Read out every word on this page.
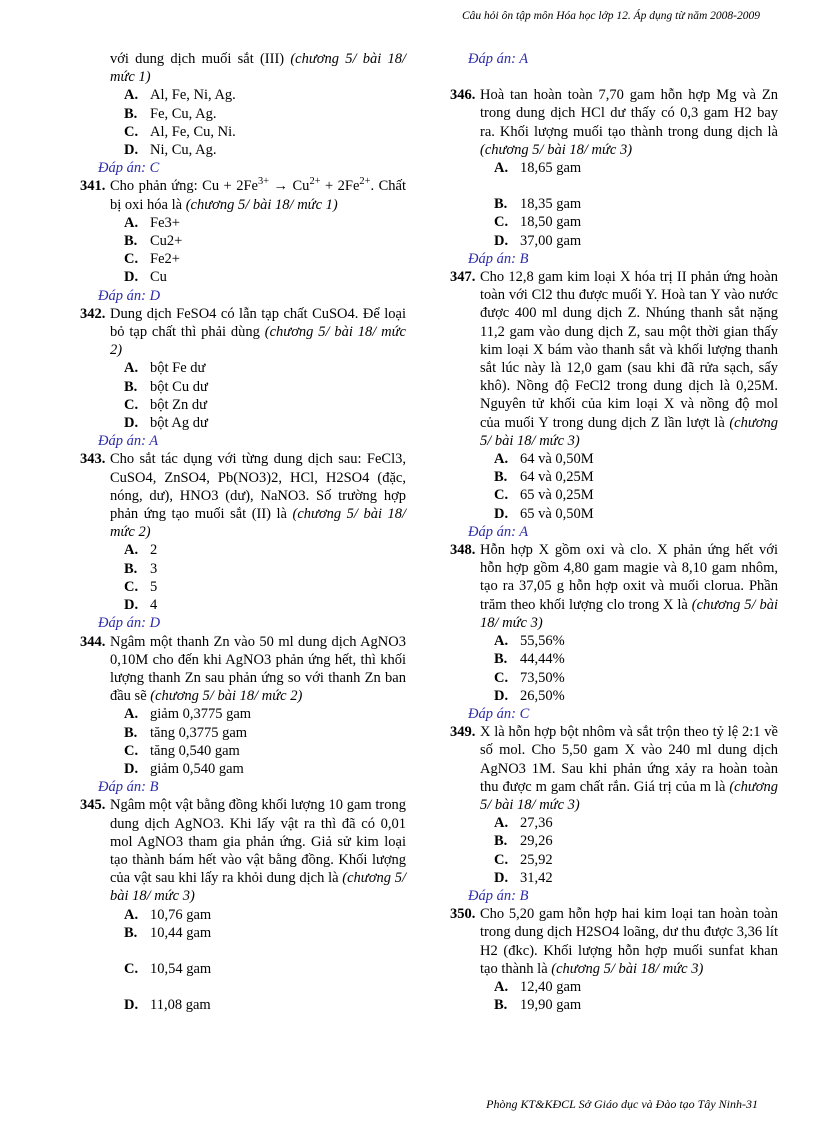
Câu hỏi ôn tập môn Hóa học lớp 12. Áp dụng từ năm 2008-2009
với dung dịch muối sắt (III) (chương 5/ bài 18/ mức 1)
A. Al, Fe, Ni, Ag.
B. Fe, Cu, Ag.
C. Al, Fe, Cu, Ni.
D. Ni, Cu, Ag.
Đáp án: C
341. Cho phản ứng: $Cu + 2Fe^{3+} \to Cu^{2+} + 2Fe^{2+}$. Chất bị oxi hóa là (chương 5/ bài 18/ mức 1)
A. Fe3+
B. Cu2+
C. Fe2+
D. Cu
Đáp án: D
342. Dung dịch FeSO4 có lẫn tạp chất CuSO4. Để loại bỏ tạp chất thì phải dùng (chương 5/ bài 18/ mức 2)
A. bột Fe dư
B. bột Cu dư
C. bột Zn dư
D. bột Ag dư
Đáp án: A
343. Cho sắt tác dụng với từng dung dịch sau: FeCl3, CuSO4, ZnSO4, Pb(NO3)2, HCl, H2SO4 (đặc, nóng, dư), HNO3 (dư), NaNO3. Số trường hợp phản ứng tạo muối sắt (II) là (chương 5/ bài 18/ mức 2)
A. 2
B. 3
C. 5
D. 4
Đáp án: D
344. Ngâm một thanh Zn vào 50 ml dung dịch AgNO3 0,10M cho đến khi AgNO3 phản ứng hết, thì khối lượng thanh Zn sau phản ứng so với thanh Zn ban đầu sẽ (chương 5/ bài 18/ mức 2)
A. giảm 0,3775 gam
B. tăng 0,3775 gam
C. tăng 0,540 gam
D. giảm 0,540 gam
Đáp án: B
345. Ngâm một vật bằng đồng khối lượng 10 gam trong dung dịch AgNO3. Khi lấy vật ra thì đã có 0,01 mol AgNO3 tham gia phản ứng. Giả sử kim loại tạo thành bám hết vào vật bằng đồng. Khối lượng của vật sau khi lấy ra khỏi dung dịch là (chương 5/ bài 18/ mức 3)
A. 10,76 gam
B. 10,44 gam
C. 10,54 gam
D. 11,08 gam
Đáp án: A
346. Hoà tan hoàn toàn 7,70 gam hỗn hợp Mg và Zn trong dung dịch HCl dư thấy có 0,3 gam H2 bay ra. Khối lượng muối tạo thành trong dung dịch là (chương 5/ bài 18/ mức 3)
A. 18,65 gam
B. 18,35 gam
C. 18,50 gam
D. 37,00 gam
Đáp án: B
347. Cho 12,8 gam kim loại X hóa trị II phản ứng hoàn toàn với Cl2 thu được muối Y. Hoà tan Y vào nước được 400 ml dung dịch Z. Nhúng thanh sắt nặng 11,2 gam vào dung dịch Z, sau một thời gian thấy kim loại X bám vào thanh sắt và khối lượng thanh sắt lúc này là 12,0 gam (sau khi đã rửa sạch, sấy khô). Nồng độ FeCl2 trong dung dịch là 0,25M. Nguyên tử khối của kim loại X và nồng độ mol của muối Y trong dung dịch Z lần lượt là (chương 5/ bài 18/ mức 3)
A. 64 và 0,50M
B. 64 và 0,25M
C. 65 và 0,25M
D. 65 và 0,50M
Đáp án: A
348. Hỗn hợp X gồm oxi và clo. X phản ứng hết với hỗn hợp gồm 4,80 gam magie và 8,10 gam nhôm, tạo ra 37,05 g hỗn hợp oxit và muối clorua. Phần trăm theo khối lượng clo trong X là (chương 5/ bài 18/ mức 3)
A. 55,56%
B. 44,44%
C. 73,50%
D. 26,50%
Đáp án: C
349. X là hỗn hợp bột nhôm và sắt trộn theo tỷ lệ 2:1 về số mol. Cho 5,50 gam X vào 240 ml dung dịch AgNO3 1M. Sau khi phản ứng xảy ra hoàn toàn thu được m gam chất rắn. Giá trị của m là (chương 5/ bài 18/ mức 3)
A. 27,36
B. 29,26
C. 25,92
D. 31,42
Đáp án: B
350. Cho 5,20 gam hỗn hợp hai kim loại tan hoàn toàn trong dung dịch H2SO4 loãng, dư thu được 3,36 lít H2 (đkc). Khối lượng hỗn hợp muối sunfat khan tạo thành là (chương 5/ bài 18/ mức 3)
A. 12,40 gam
B. 19,90 gam
Phòng KT&KĐCL Sở Giáo dục và Đào tạo Tây Ninh-31
